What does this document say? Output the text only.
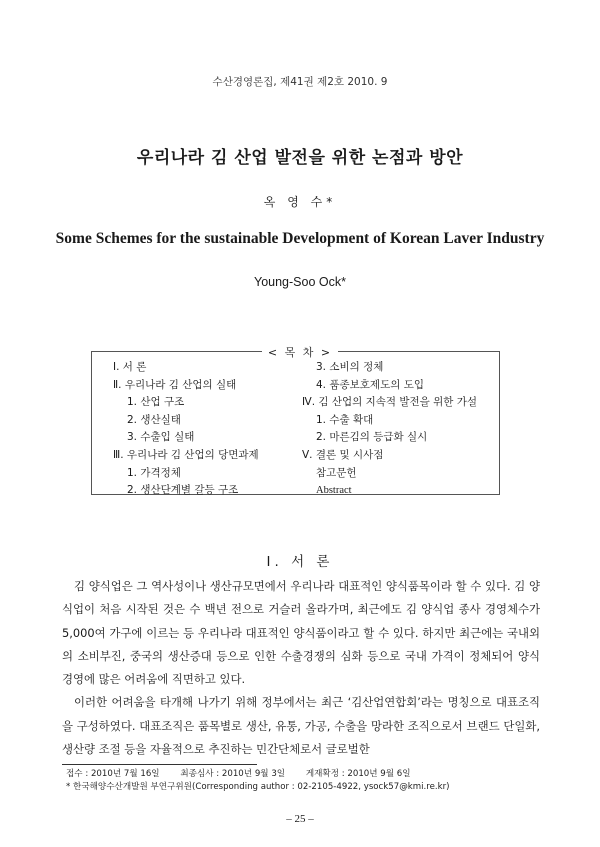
수산경영론집, 제41권 제2호 2010. 9
우리나라 김 산업 발전을 위한 논점과 방안
옥 영 수*
Some Schemes for the sustainable Development of Korean Laver Industry
Young-Soo Ock*
< 목 차 >
Ⅰ. 서 론
Ⅱ. 우리나라 김 산업의 실태
1. 산업 구조
2. 생산실태
3. 수출입 실태
Ⅲ. 우리나라 김 산업의 당면과제
1. 가격정체
2. 생산단계별 갈등 구조
3. 소비의 정체
4. 품종보호제도의 도입
Ⅳ. 김 산업의 지속적 발전을 위한 가설
1. 수출 확대
2. 마른김의 등급화 실시
Ⅴ. 결론 및 시사점
참고문헌
Abstract
Ⅰ. 서 론

김 양식업은 그 역사성이나 생산규모면에서 우리나라 대표적인 양식품목이라 할 수 있다. 김 양식업이 처음 시작된 것은 수 백년 전으로 거슬러 올라가며, 최근에도 김 양식업 종사 경영체수가 5,000여 가구에 이르는 등 우리나라 대표적인 양식품이라고 할 수 있다. 하지만 최근에는 국내외의 소비부진, 중국의 생산증대 등으로 인한 수출경쟁의 심화 등으로 국내 가격이 정체되어 양식 경영에 많은 어려움에 직면하고 있다.

이러한 어려움을 타개해 나가기 위해 정부에서는 최근 ‘김산업연합회’라는 명칭으로 대표조직을 구성하였다. 대표조직은 품목별로 생산, 유통, 가공, 수출을 망라한 조직으로서 브랜드 단일화, 생산량 조절 등을 자율적으로 추진하는 민간단체로서 글로벌한

접수 : 2010년 7월 16일 최종심사 : 2010년 9월 3일 게재확정 : 2010년 9월 6일
* 한국해양수산개발원 부연구위원(Corresponding author : 02-2105-4922, ysock57@kmi.re.kr)
– 25 –
